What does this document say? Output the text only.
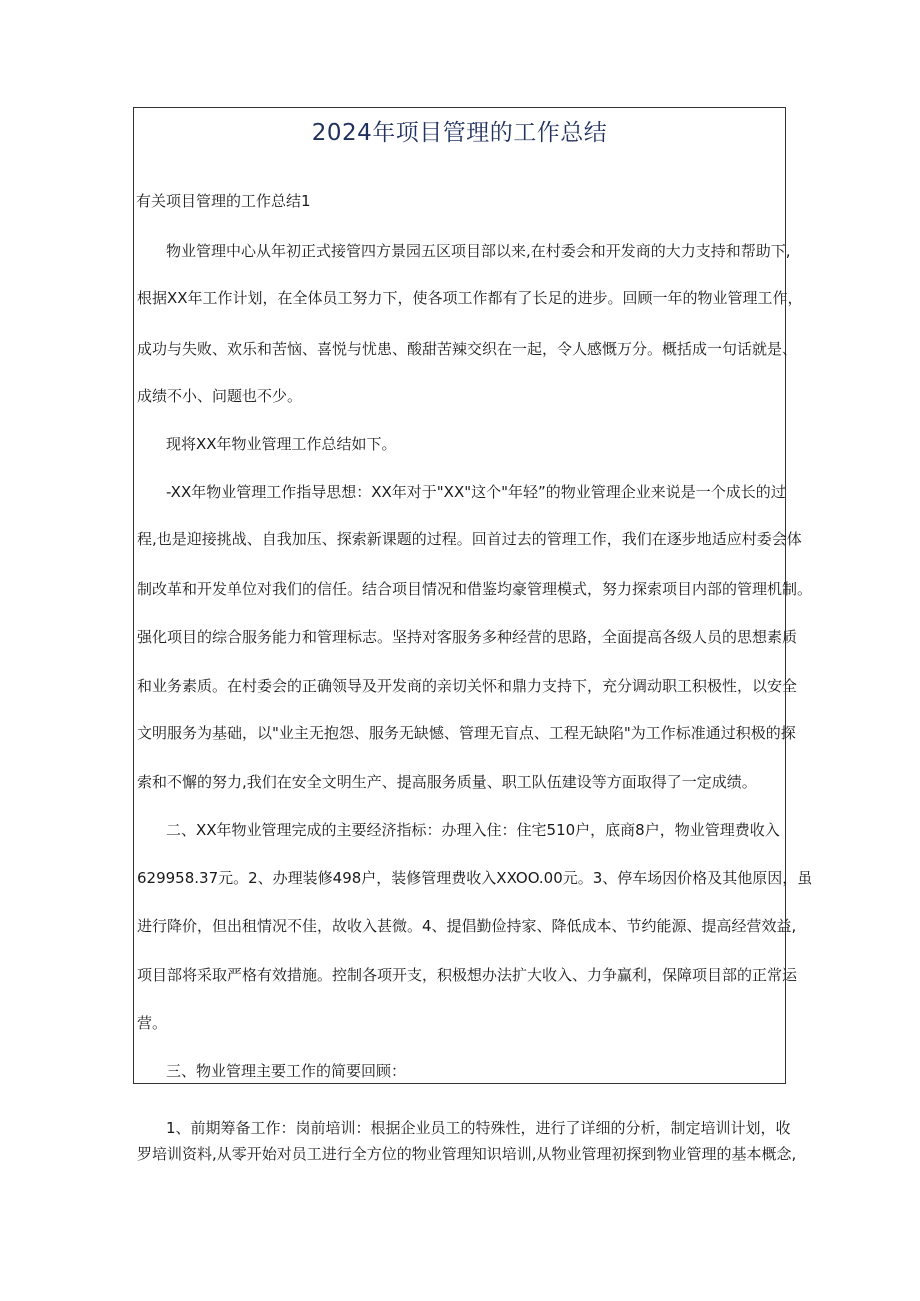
2024年项目管理的工作总结
有关项目管理的工作总结1
物业管理中心从年初正式接管四方景园五区项目部以来,在村委会和开发商的大力支持和帮助下,
根据XX年工作计划，在全体员工努力下，使各项工作都有了长足的进步。回顾一年的物业管理工作，
成功与失败、欢乐和苦恼、喜悦与忧患、酸甜苦辣交织在一起，令人感慨万分。概括成一句话就是、
成绩不小、问题也不少。
现将XX年物业管理工作总结如下。
-XX年物业管理工作指导思想：XX年对于"XX"这个"年轻”的物业管理企业来说是一个成长的过
程,也是迎接挑战、自我加压、探索新课题的过程。回首过去的管理工作，我们在逐步地适应村委会体
制改革和开发单位对我们的信任。结合项目情况和借鉴均豪管理模式，努力探索项目内部的管理机制。
强化项目的综合服务能力和管理标志。坚持对客服务多种经营的思路，全面提高各级人员的思想素质
和业务素质。在村委会的正确领导及开发商的亲切关怀和鼎力支持下，充分调动职工积极性，以安全
文明服务为基础，以"业主无抱怨、服务无缺憾、管理无盲点、工程无缺陷"为工作标准通过积极的探
索和不懈的努力,我们在安全文明生产、提高服务质量、职工队伍建设等方面取得了一定成绩。
二、XX年物业管理完成的主要经济指标：办理入住：住宅510户，底商8户，物业管理费收入
629958.37元。2、办理装修498户，装修管理费收入XXOO.00元。3、停车场因价格及其他原因，虽
进行降价，但出租情况不佳，故收入甚微。4、提倡勤俭持家、降低成本、节约能源、提高经营效益,
项目部将采取严格有效措施。控制各项开支，积极想办法扩大收入、力争赢利，保障项目部的正常运
营。
三、物业管理主要工作的简要回顾：
1、前期筹备工作：岗前培训：根据企业员工的特殊性，进行了详细的分析，制定培训计划，收
罗培训资料,从零开始对员工进行全方位的物业管理知识培训,从物业管理初探到物业管理的基本概念,
